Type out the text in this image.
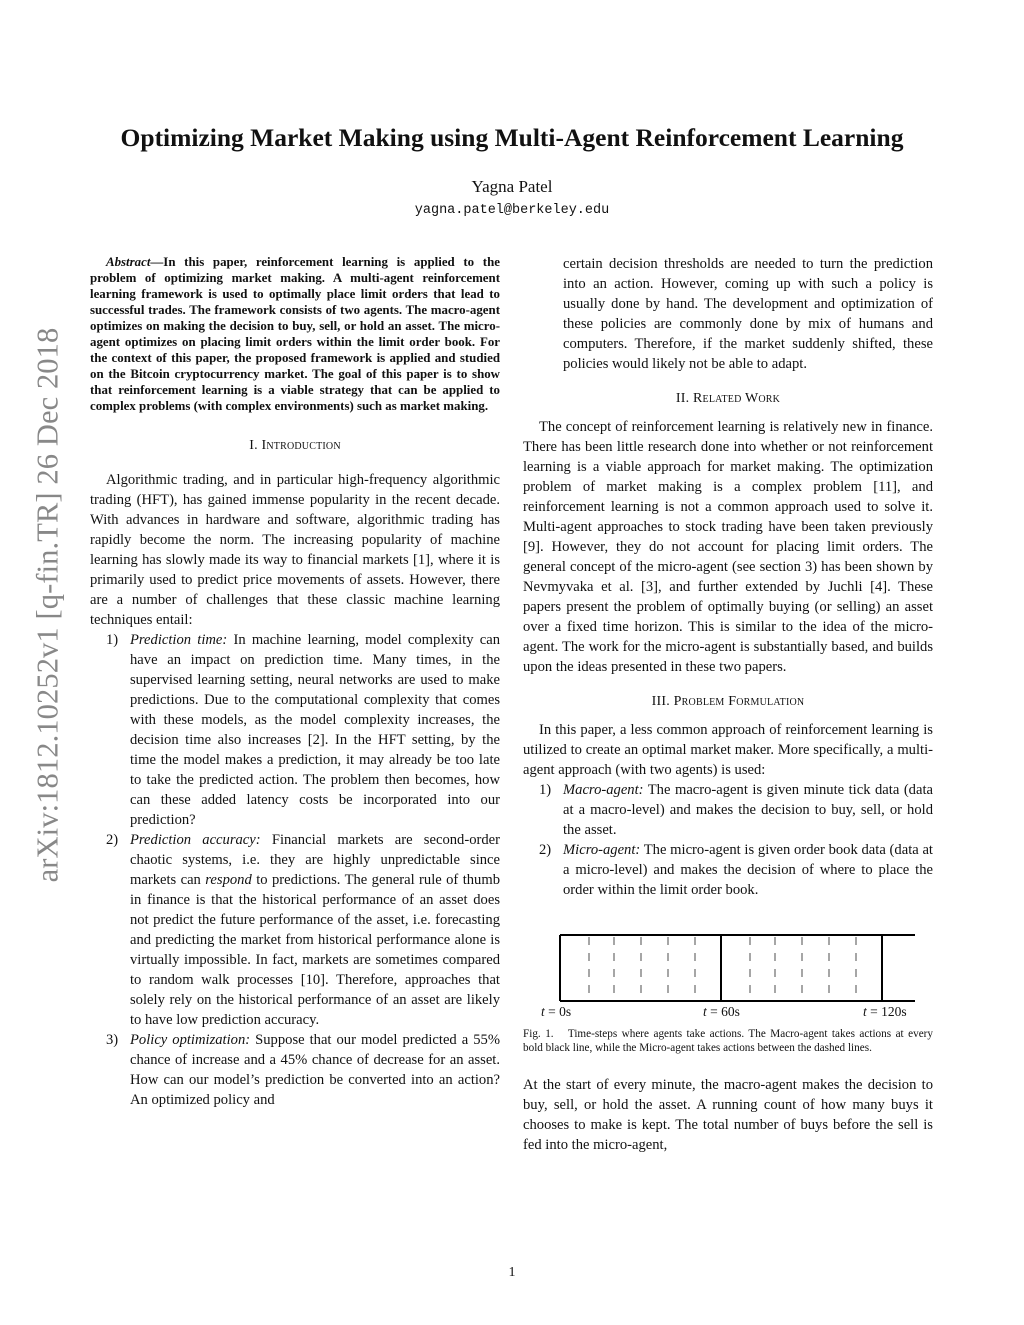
arXiv:1812.10252v1 [q-fin.TR] 26 Dec 2018
Optimizing Market Making using Multi-Agent Reinforcement Learning
Yagna Patel
yagna.patel@berkeley.edu

Abstract—In this paper, reinforcement learning is applied to the problem of optimizing market making. A multi-agent reinforcement learning framework is used to optimally place limit orders that lead to successful trades. The framework consists of two agents. The macro-agent optimizes on making the decision to buy, sell, or hold an asset. The micro-agent optimizes on placing limit orders within the limit order book. For the context of this paper, the proposed framework is applied and studied on the Bitcoin cryptocurrency market. The goal of this paper is to show that reinforcement learning is a viable strategy that can be applied to complex problems (with complex environments) such as market making.

I. Introduction

Algorithmic trading, and in particular high-frequency algorithmic trading (HFT), has gained immense popularity in the recent decade. With advances in hardware and software, algorithmic trading has rapidly become the norm. The increasing popularity of machine learning has slowly made its way to financial markets [1], where it is primarily used to predict price movements of assets. However, there are a number of challenges that these classic machine learning techniques entail:

1) Prediction time: In machine learning, model complexity can have an impact on prediction time. Many times, in the supervised learning setting, neural networks are used to make predictions. Due to the computational complexity that comes with these models, as the model complexity increases, the decision time also increases [2]. In the HFT setting, by the time the model makes a prediction, it may already be too late to take the predicted action. The problem then becomes, how can these added latency costs be incorporated into our prediction?

2) Prediction accuracy: Financial markets are second-order chaotic systems, i.e. they are highly unpredictable since markets can respond to predictions. The general rule of thumb in finance is that the historical performance of an asset does not predict the future performance of the asset, i.e. forecasting and predicting the market from historical performance alone is virtually impossible. In fact, markets are sometimes compared to random walk processes [10]. Therefore, approaches that solely rely on the historical performance of an asset are likely to have low prediction accuracy.

3) Policy optimization: Suppose that our model predicted a 55% chance of increase and a 45% chance of decrease for an asset. How can our model’s prediction be converted into an action? An optimized policy and

certain decision thresholds are needed to turn the prediction into an action. However, coming up with such a policy is usually done by hand. The development and optimization of these policies are commonly done by mix of humans and computers. Therefore, if the market suddenly shifted, these policies would likely not be able to adapt.

II. Related Work

The concept of reinforcement learning is relatively new in finance. There has been little research done into whether or not reinforcement learning is a viable approach for market making. The optimization problem of market making is a complex problem [11], and reinforcement learning is not a common approach used to solve it. Multi-agent approaches to stock trading have been taken previously [9]. However, they do not account for placing limit orders. The general concept of the micro-agent (see section 3) has been shown by Nevmyvaka et al. [3], and further extended by Juchli [4]. These papers present the problem of optimally buying (or selling) an asset over a fixed time horizon. This is similar to the idea of the micro-agent. The work for the micro-agent is substantially based, and builds upon the ideas presented in these two papers.

III. Problem Formulation

In this paper, a less common approach of reinforcement learning is utilized to create an optimal market maker. More specifically, a multi-agent approach (with two agents) is used:

1) Macro-agent: The macro-agent is given minute tick data (data at a macro-level) and makes the decision to buy, sell, or hold the asset.

2) Micro-agent: The micro-agent is given order book data (data at a micro-level) and makes the decision of where to place the order within the limit order book.

t = 0s	t = 60s	t = 120s

Fig. 1. Time-steps where agents take actions. The Macro-agent takes actions at every bold black line, while the Micro-agent takes actions between the dashed lines.

At the start of every minute, the macro-agent makes the decision to buy, sell, or hold the asset. A running count of how many buys it chooses to make is kept. The total number of buys before the sell is fed into the micro-agent,

1
